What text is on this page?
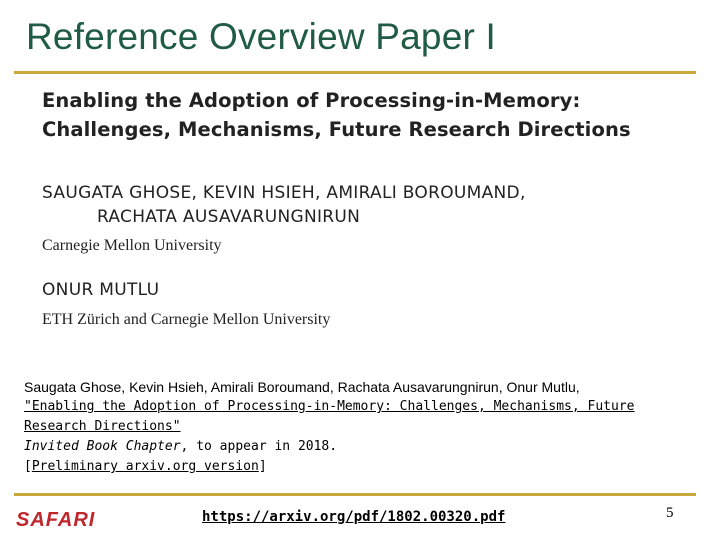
Reference Overview Paper I
Enabling the Adoption of Processing-in-Memory:
Challenges, Mechanisms, Future Research Directions
SAUGATA GHOSE, KEVIN HSIEH, AMIRALI BOROUMAND,
RACHATA AUSAVARUNGNIRUN
Carnegie Mellon University
ONUR MUTLU
ETH Zürich and Carnegie Mellon University
Saugata Ghose, Kevin Hsieh, Amirali Boroumand, Rachata Ausavarungnirun, Onur Mutlu,
"Enabling the Adoption of Processing-in-Memory: Challenges, Mechanisms, Future Research Directions"
Invited Book Chapter, to appear in 2018.
[Preliminary arxiv.org version]
SAFARI	https://arxiv.org/pdf/1802.00320.pdf	5
